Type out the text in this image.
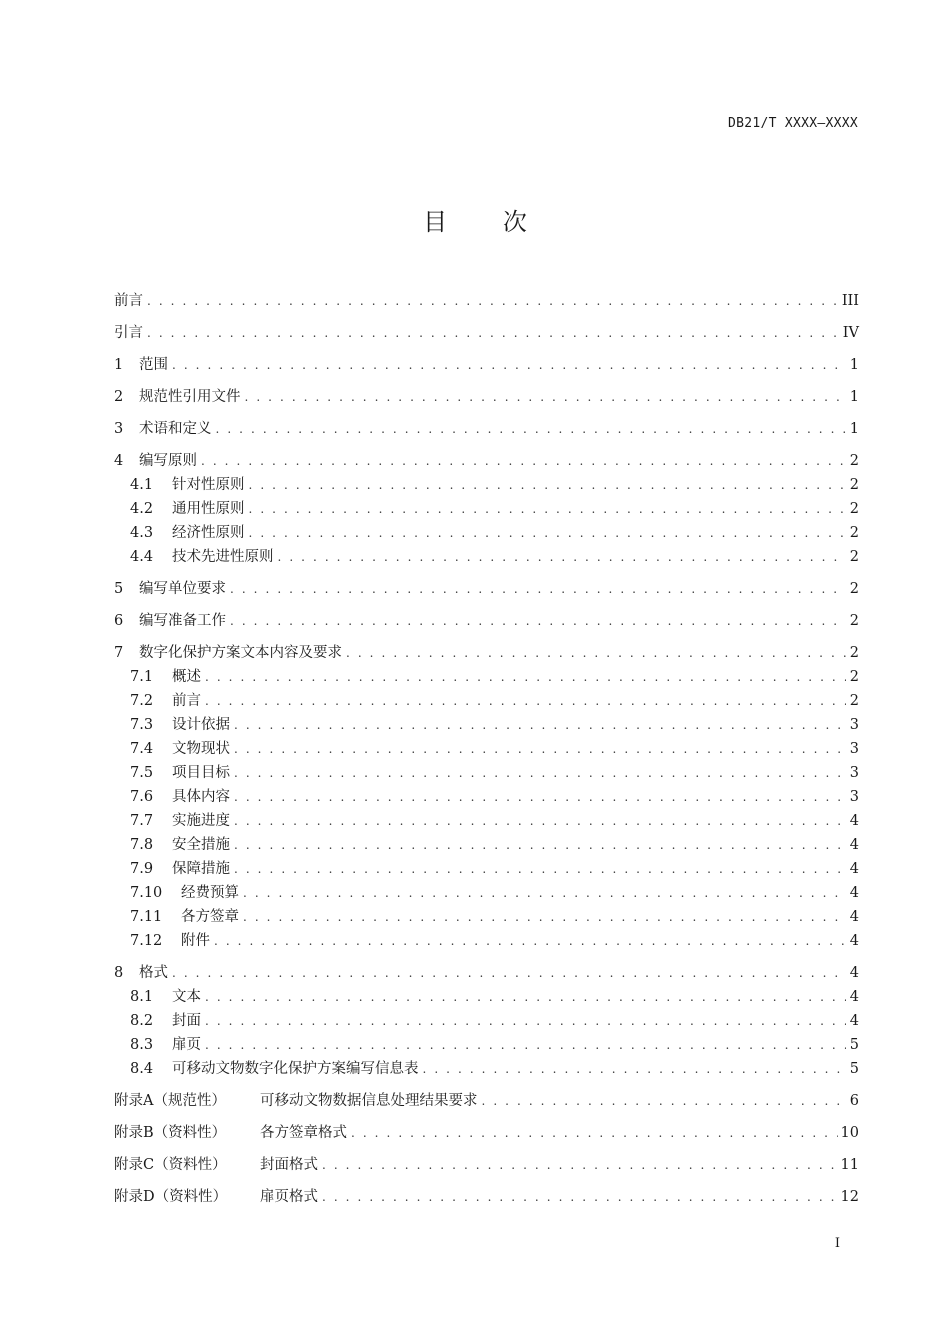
DB21/T XXXX—XXXX
目 次
前言 . . .	III
引言 . . .	IV
1	范围 . . .	1
2	规范性引用文件 . . .	1
3	术语和定义 . . .	1
4	编写原则 . . .	2
4.1	针对性原则 . . .	2
4.2	通用性原则 . . .	2
4.3	经济性原则 . . .	2
4.4	技术先进性原则 . . .	2
5	编写单位要求 . . .	2
6	编写准备工作 . . .	2
7	数字化保护方案文本内容及要求 . . .	2
7.1	概述 . . .	2
7.2	前言 . . .	2
7.3	设计依据 . . .	3
7.4	文物现状 . . .	3
7.5	项目目标 . . .	3
7.6	具体内容 . . .	3
7.7	实施进度 . . .	4
7.8	安全措施 . . .	4
7.9	保障措施 . . .	4
7.10	经费预算 . . .	4
7.11	各方签章 . . .	4
7.12	附件 . . .	4
8	格式 . . .	4
8.1	文本 . . .	4
8.2	封面 . . .	4
8.3	扉页 . . .	5
8.4	可移动文物数字化保护方案编写信息表 . . .	5
附录A（规范性）	可移动文物数据信息处理结果要求 . . .	6
附录B（资料性）	各方签章格式 . . .	10
附录C（资料性）	封面格式 . . .	11
附录D（资料性）	扉页格式 . . .	12
I
